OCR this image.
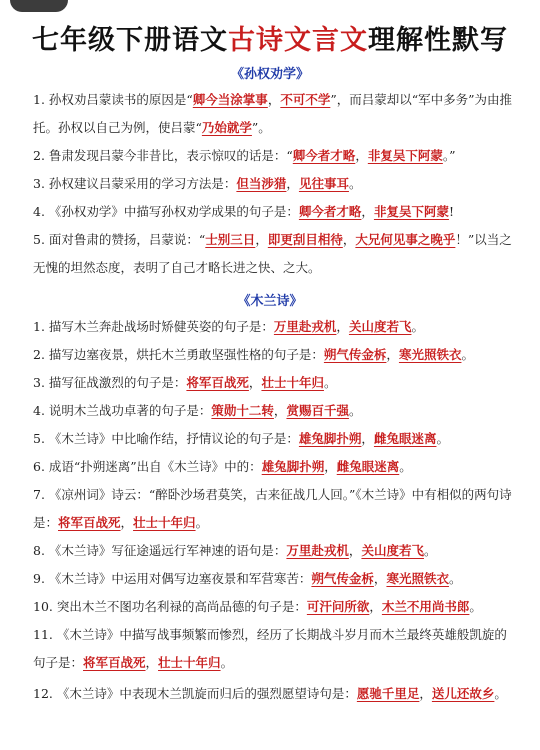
七年级下册语文古诗文言文理解性默写
《孙权劝学》
1. 孙权劝吕蒙读书的原因是“卿今当涂掌事，不可不学”，而吕蒙却以“军中多务”为由推托。孙权以自己为例，使吕蒙“乃始就学”。
2. 鲁肃发现吕蒙今非昔比，表示惊叹的话是：“卿今者才略，非复吴下阿蒙。”
3. 孙权建议吕蒙采用的学习方法是：但当涉猎，见往事耳。
4. 《孙权劝学》中描写孙权劝学成果的句子是：卿今者才略，非复吴下阿蒙!
5. 面对鲁肃的赞扬，吕蒙说：“士别三日，即更刮目相待，大兄何见事之晚乎！”以当之无愧的坦然态度，表明了自己才略长进之快、之大。
《木兰诗》
1. 描写木兰奔赴战场时矫健英姿的句子是：万里赴戎机，关山度若飞。
2. 描写边塞夜景，烘托木兰勇敢坚强性格的句子是：朔气传金柝，寒光照铁衣。
3. 描写征战激烈的句子是：将军百战死，壮士十年归。
4. 说明木兰战功卓著的句子是：策勋十二转，赏赐百千强。
5. 《木兰诗》中比喻作结，抒情议论的句子是：雄兔脚扑朔，雌兔眼迷离。
6. 成语“扑朔迷离”出自《木兰诗》中的：雄兔脚扑朔，雌兔眼迷离。
7. 《凉州词》诗云：“醉卧沙场君莫笑，古来征战几人回。”《木兰诗》中有相似的两句诗是：将军百战死，壮士十年归。
8. 《木兰诗》写征途遥远行军神速的语句是：万里赴戎机，关山度若飞。
9. 《木兰诗》中运用对偶写边塞夜景和军营寒苦：朔气传金柝，寒光照铁衣。
10. 突出木兰不图功名利禄的高尚品德的句子是：可汗问所欲，木兰不用尚书郎。
11. 《木兰诗》中描写战事频繁而惨烈，经历了长期战斗岁月而木兰最终英雄般凯旋的句子是：将军百战死，壮士十年归。
12. 《木兰诗》中表现木兰凯旋而归后的强烈愿望诗句是：愿驰千里足，送儿还故乡。
